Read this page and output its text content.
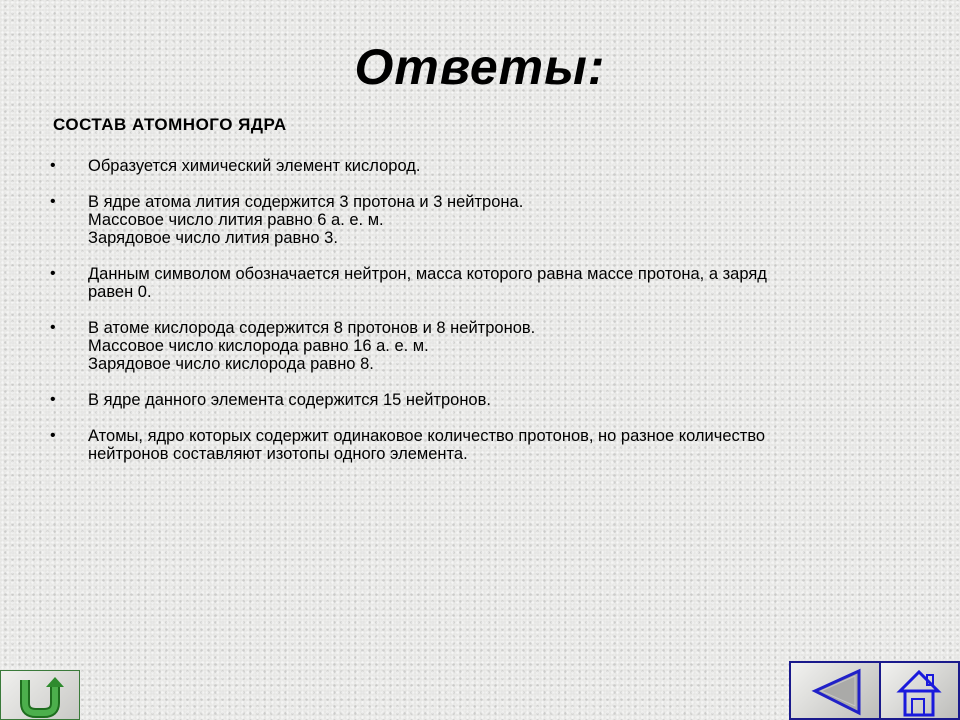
Ответы:
СОСТАВ АТОМНОГО ЯДРА
• Образуется химический элемент кислород.
• В ядре атома лития содержится 3 протона и 3 нейтрона.
Массовое число лития равно 6 а. е. м.
Зарядовое число лития равно 3.
• Данным символом обозначается нейтрон, масса которого равна массе протона, а заряд
равен 0.
• В атоме кислорода содержится 8 протонов и 8 нейтронов.
Массовое число кислорода равно 16 а. е. м.
Зарядовое число кислорода равно 8.
• В ядре данного элемента содержится 15 нейтронов.
• Атомы, ядро которых содержит одинаковое количество протонов, но разное количество
нейтронов составляют изотопы одного элемента.
